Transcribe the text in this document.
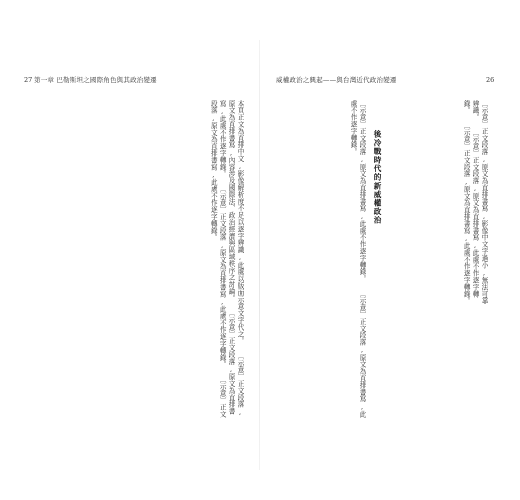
27 第一章 巴勒斯坦之國際角色與其政治變遷
本頁正文為直排中文,影像解析度不足以逐字辨識,此處以版面示意文字代之。 〔示意〕正文段落,原文為直排書寫,內容涉及國際法、政治經濟與區域秩序之討論。 〔示意〕正文段落,原文為直排書寫,此處不作逐字轉錄。 〔示意〕正文段落,原文為直排書寫,此處不作逐字轉錄。 〔示意〕正文段落,原文為直排書寫,此處不作逐字轉錄。
威權政治之興起——與台灣近代政治變遷	26
〔示意〕正文段落,原文為直排書寫,影像中文字過小,無法可靠辨識。 〔示意〕正文段落,原文為直排書寫,此處不作逐字轉錄。 〔示意〕正文段落,原文為直排書寫,此處不作逐字轉錄。
後冷戰時代的新威權政治
〔示意〕正文段落,原文為直排書寫,此處不作逐字轉錄。 〔示意〕正文段落,原文為直排書寫,此處不作逐字轉錄。
